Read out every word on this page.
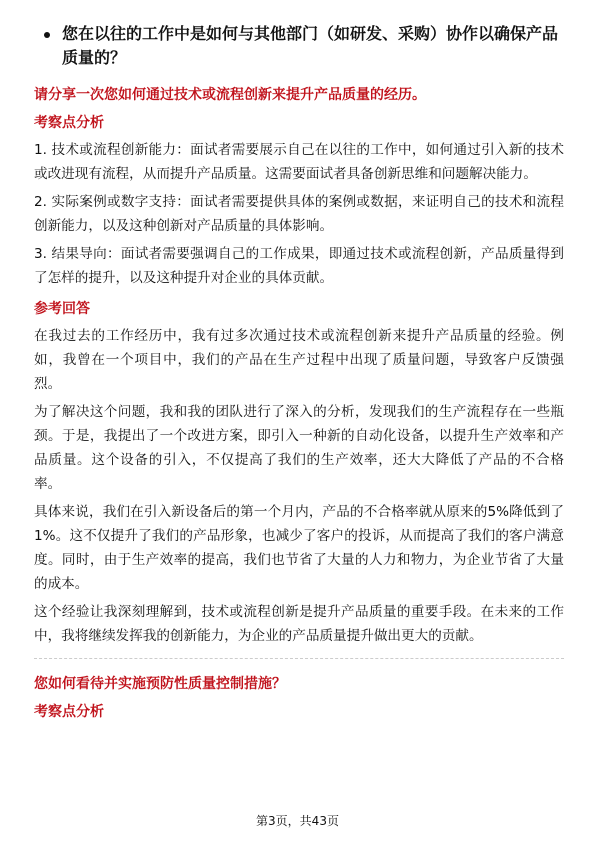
您在以往的工作中是如何与其他部门（如研发、采购）协作以确保产品质量的？
请分享一次您如何通过技术或流程创新来提升产品质量的经历。
考察点分析
1. 技术或流程创新能力：面试者需要展示自己在以往的工作中，如何通过引入新的技术或改进现有流程，从而提升产品质量。这需要面试者具备创新思维和问题解决能力。
2. 实际案例或数字支持：面试者需要提供具体的案例或数据，来证明自己的技术和流程创新能力，以及这种创新对产品质量的具体影响。
3. 结果导向：面试者需要强调自己的工作成果，即通过技术或流程创新，产品质量得到了怎样的提升，以及这种提升对企业的具体贡献。
参考回答
在我过去的工作经历中，我有过多次通过技术或流程创新来提升产品质量的经验。例如，我曾在一个项目中，我们的产品在生产过程中出现了质量问题，导致客户反馈强烈。
为了解决这个问题，我和我的团队进行了深入的分析，发现我们的生产流程存在一些瓶颈。于是，我提出了一个改进方案，即引入一种新的自动化设备，以提升生产效率和产品质量。这个设备的引入，不仅提高了我们的生产效率，还大大降低了产品的不合格率。
具体来说，我们在引入新设备后的第一个月内，产品的不合格率就从原来的5%降低到了1%。这不仅提升了我们的产品形象，也减少了客户的投诉，从而提高了我们的客户满意度。同时，由于生产效率的提高，我们也节省了大量的人力和物力，为企业节省了大量的成本。
这个经验让我深刻理解到，技术或流程创新是提升产品质量的重要手段。在未来的工作中，我将继续发挥我的创新能力，为企业的产品质量提升做出更大的贡献。
您如何看待并实施预防性质量控制措施？
考察点分析
第3页，共43页
